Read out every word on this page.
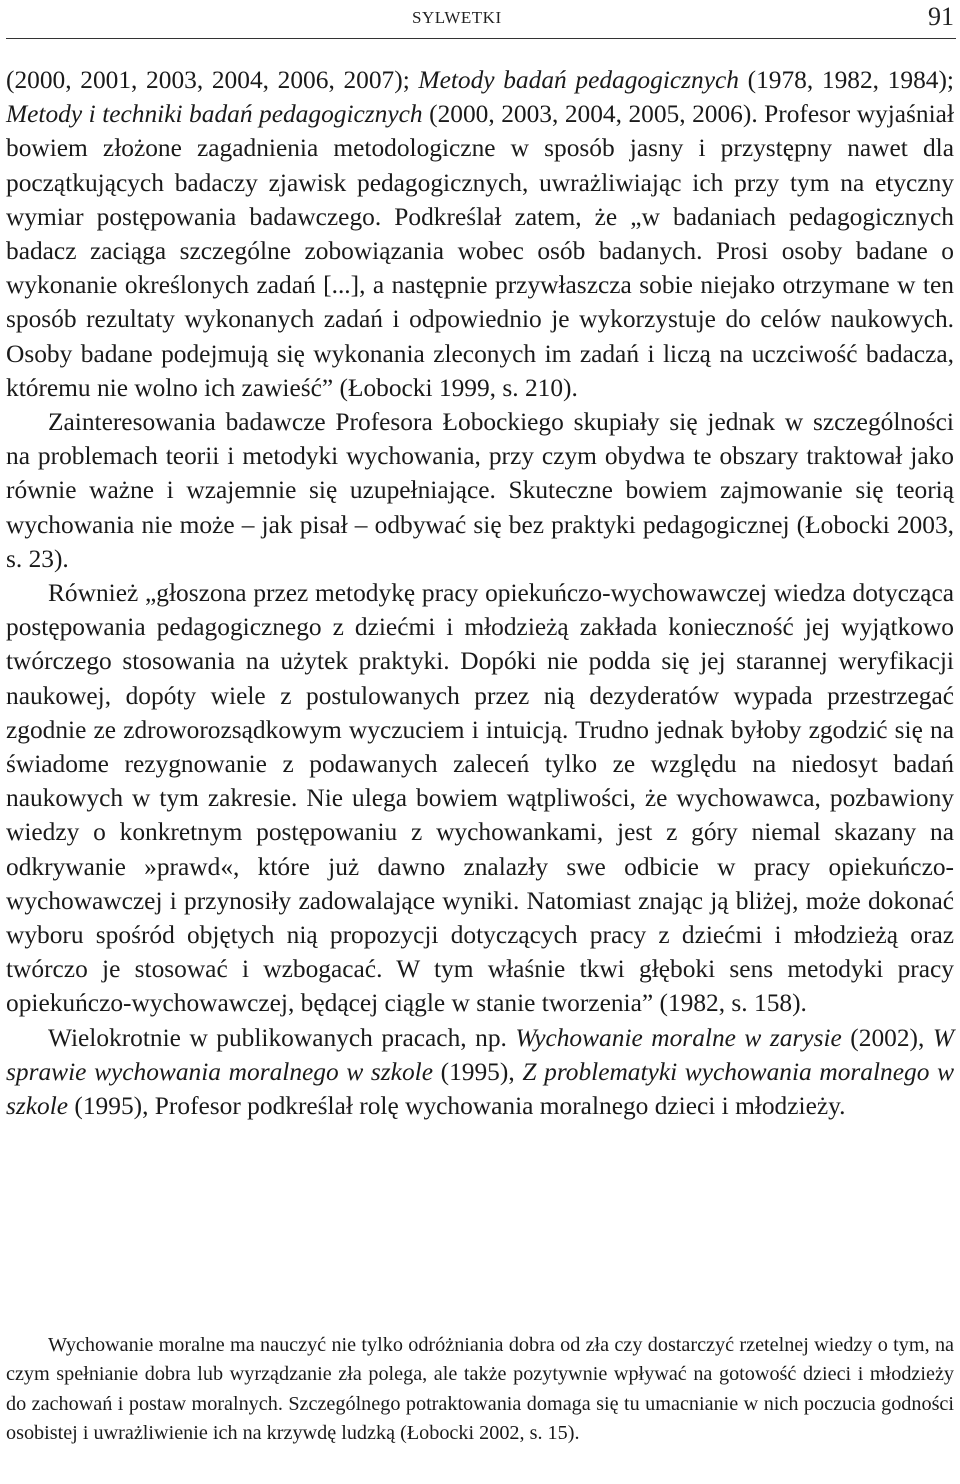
SYLWETKI	91

(2000, 2001, 2003, 2004, 2006, 2007); Metody badań pedagogicznych (1978, 1982, 1984); Metody i techniki badań pedagogicznych (2000, 2003, 2004, 2005, 2006). Profesor wyjaśniał bowiem złożone zagadnienia metodologiczne w sposób jasny i przystępny nawet dla początkujących badaczy zjawisk pedagogicznych, uwrażliwiając ich przy tym na etyczny wymiar postępowania badawczego. Podkreślał zatem, że „w badaniach pedagogicznych badacz zaciąga szczególne zobowiązania wobec osób badanych. Prosi osoby badane o wykonanie określonych zadań [...], a następnie przywłaszcza sobie niejako otrzymane w ten sposób rezultaty wykonanych zadań i odpowiednio je wykorzystuje do celów naukowych. Osoby badane podejmują się wykonania zleconych im zadań i liczą na uczciwość badacza, któremu nie wolno ich zawieść” (Łobocki 1999, s. 210).

Zainteresowania badawcze Profesora Łobockiego skupiały się jednak w szczególności na problemach teorii i metodyki wychowania, przy czym obydwa te obszary traktował jako równie ważne i wzajemnie się uzupełniające. Skuteczne bowiem zajmowanie się teorią wychowania nie może – jak pisał – odbywać się bez praktyki pedagogicznej (Łobocki 2003, s. 23).

Również „głoszona przez metodykę pracy opiekuńczo-wychowawczej wiedza dotycząca postępowania pedagogicznego z dziećmi i młodzieżą zakłada konieczność jej wyjątkowo twórczego stosowania na użytek praktyki. Dopóki nie podda się jej starannej weryfikacji naukowej, dopóty wiele z postulowanych przez nią dezyderatów wypada przestrzegać zgodnie ze zdroworozsądkowym wyczuciem i intuicją. Trudno jednak byłoby zgodzić się na świadome rezygnowanie z podawanych zaleceń tylko ze względu na niedosyt badań naukowych w tym zakresie. Nie ulega bowiem wątpliwości, że wychowawca, pozbawiony wiedzy o konkretnym postępowaniu z wychowankami, jest z góry niemal skazany na odkrywanie »prawd«, które już dawno znalazły swe odbicie w pracy opiekuńczo-wychowawczej i przynosiły zadowalające wyniki. Natomiast znając ją bliżej, może dokonać wyboru spośród objętych nią propozycji dotyczących pracy z dziećmi i młodzieżą oraz twórczo je stosować i wzbogacać. W tym właśnie tkwi głęboki sens metodyki pracy opiekuńczo-wychowawczej, będącej ciągle w stanie tworzenia” (1982, s. 158).

Wielokrotnie w publikowanych pracach, np. Wychowanie moralne w zarysie (2002), W sprawie wychowania moralnego w szkole (1995), Z problematyki wychowania moralnego w szkole (1995), Profesor podkreślał rolę wychowania moralnego dzieci i młodzieży.

Wychowanie moralne ma nauczyć nie tylko odróżniania dobra od zła czy dostarczyć rzetelnej wiedzy o tym, na czym spełnianie dobra lub wyrządzanie zła polega, ale także pozytywnie wpływać na gotowość dzieci i młodzieży do zachowań i postaw moralnych. Szczególnego potraktowania domaga się tu umacnianie w nich poczucia godności osobistej i uwrażliwienie ich na krzywdę ludzką (Łobocki 2002, s. 15).
